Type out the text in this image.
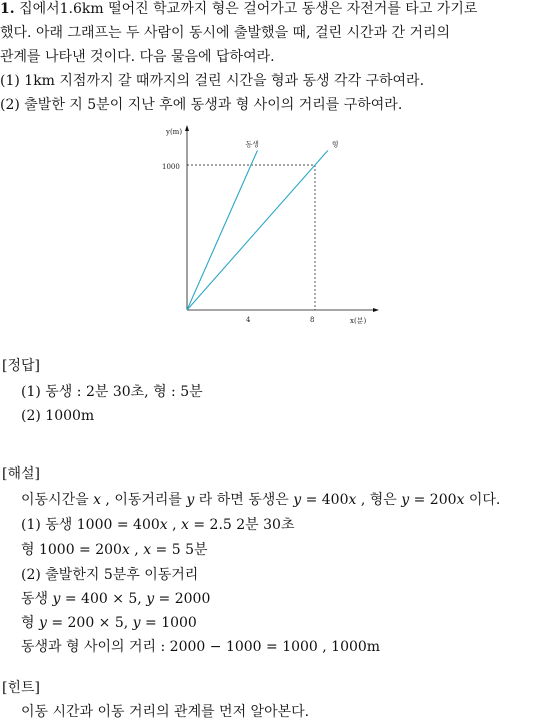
1. 집에서1.6km 떨어진 학교까지 형은 걸어가고 동생은 자전거를 타고 가기로
했다. 아래 그래프는 두 사람이 동시에 출발했을 때, 걸린 시간과 간 거리의
관계를 나타낸 것이다. 다음 물음에 답하여라.
(1) 1km 지점까지 갈 때까지의 걸린 시간을 형과 동생 각각 구하여라.
(2) 출발한 지 5분이 지난 후에 동생과 형 사이의 거리를 구하여라.
y(m)
x(분)
1000
4	8
동생	형
[정답]
(1) 동생 : 2분 30초, 형 : 5분
(2) 1000m
[해설]
이동시간을 𝑥 , 이동거리를 𝑦 라 하면 동생은 𝑦 = 400𝑥 , 형은 𝑦 = 200𝑥 이다.
(1) 동생 1000 = 400𝑥 , 𝑥 = 2.5 2분 30초
형 1000 = 200𝑥 , 𝑥 = 5 5분
(2) 출발한지 5분후 이동거리
동생 𝑦 = 400 × 5, 𝑦 = 2000
형 𝑦 = 200 × 5, 𝑦 = 1000
동생과 형 사이의 거리 : 2000 − 1000 = 1000 , 1000m
[힌트]
이동 시간과 이동 거리의 관계를 먼저 알아본다.
